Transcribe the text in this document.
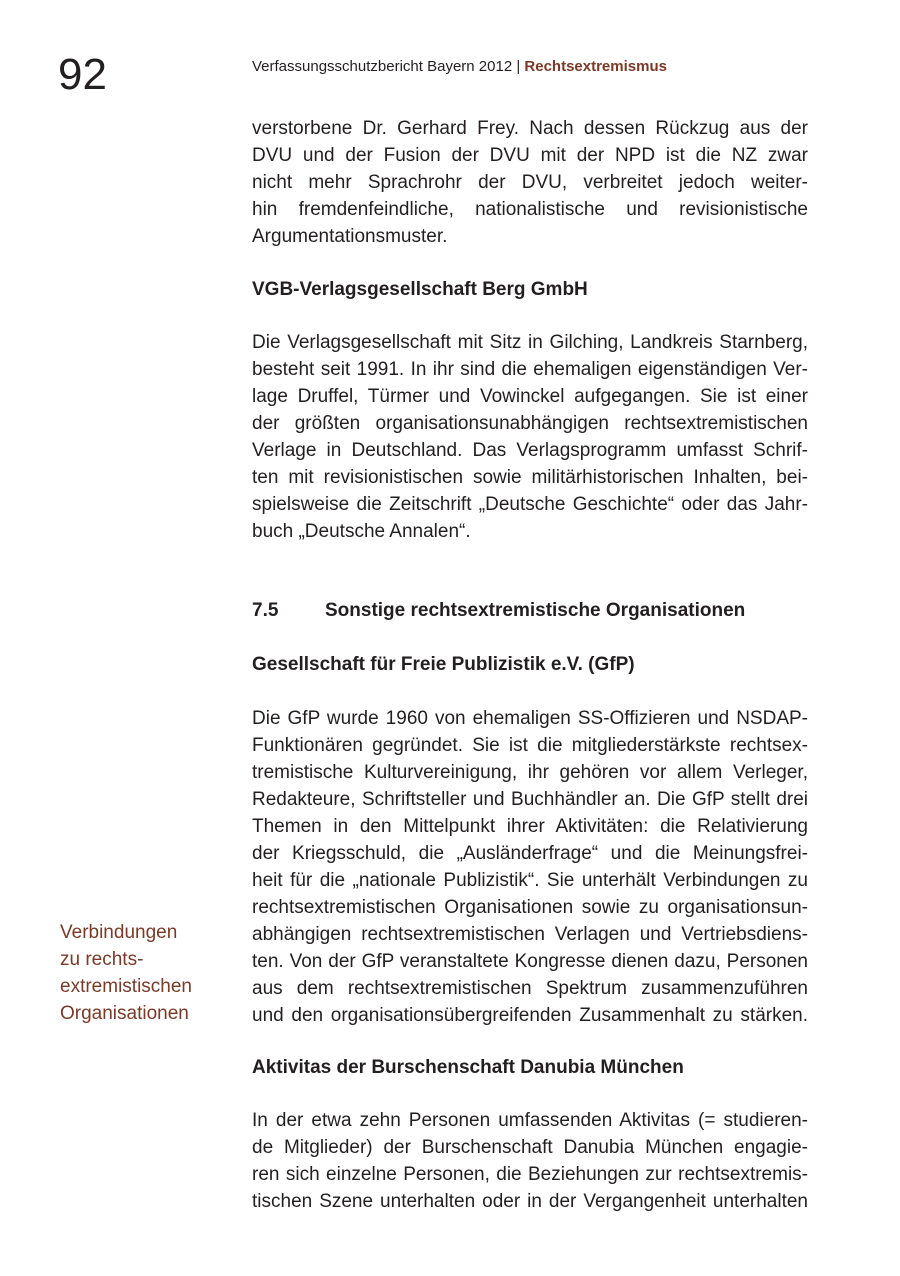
92	Verfassungsschutzbericht Bayern 2012 | Rechtsextremismus

verstorbene Dr. Gerhard Frey. Nach dessen Rückzug aus der
DVU und der Fusion der DVU mit der NPD ist die NZ zwar
nicht mehr Sprachrohr der DVU, verbreitet jedoch weiter-
hin fremdenfeindliche, nationalistische und revisionistische
Argumentationsmuster.

VGB-Verlagsgesellschaft Berg GmbH

Die Verlagsgesellschaft mit Sitz in Gilching, Landkreis Starnberg,
besteht seit 1991. In ihr sind die ehemaligen eigenständigen Ver-
lage Druffel, Türmer und Vowinckel aufgegangen. Sie ist einer
der größten organisationsunabhängigen rechtsextremistischen
Verlage in Deutschland. Das Verlagsprogramm umfasst Schrif-
ten mit revisionistischen sowie militärhistorischen Inhalten, bei-
spielsweise die Zeitschrift „Deutsche Geschichte“ oder das Jahr-
buch „Deutsche Annalen“.

7.5 Sonstige rechtsextremistische Organisationen
Gesellschaft für Freie Publizistik e.V. (GfP)

Die GfP wurde 1960 von ehemaligen SS-Offizieren und NSDAP-
Funktionären gegründet. Sie ist die mitgliederstärkste rechtsex-
tremistische Kulturvereinigung, ihr gehören vor allem Verleger,
Redakteure, Schriftsteller und Buchhändler an. Die GfP stellt drei
Themen in den Mittelpunkt ihrer Aktivitäten: die Relativierung
der Kriegsschuld, die „Ausländerfrage“ und die Meinungsfrei-
heit für die „nationale Publizistik“. Sie unterhält Verbindungen zu
rechtsextremistischen Organisationen sowie zu organisationsun-
abhängigen rechtsextremistischen Verlagen und Vertriebsdiens-
ten. Von der GfP veranstaltete Kongresse dienen dazu, Personen
aus dem rechtsextremistischen Spektrum zusammenzuführen
und den organisationsübergreifenden Zusammenhalt zu stärken.

Verbindungen
zu rechts-
extremistischen
Organisationen
Aktivitas der Burschenschaft Danubia München

In der etwa zehn Personen umfassenden Aktivitas (= studieren-
de Mitglieder) der Burschenschaft Danubia München engagie-
ren sich einzelne Personen, die Beziehungen zur rechtsextremis-
tischen Szene unterhalten oder in der Vergangenheit unterhalten
